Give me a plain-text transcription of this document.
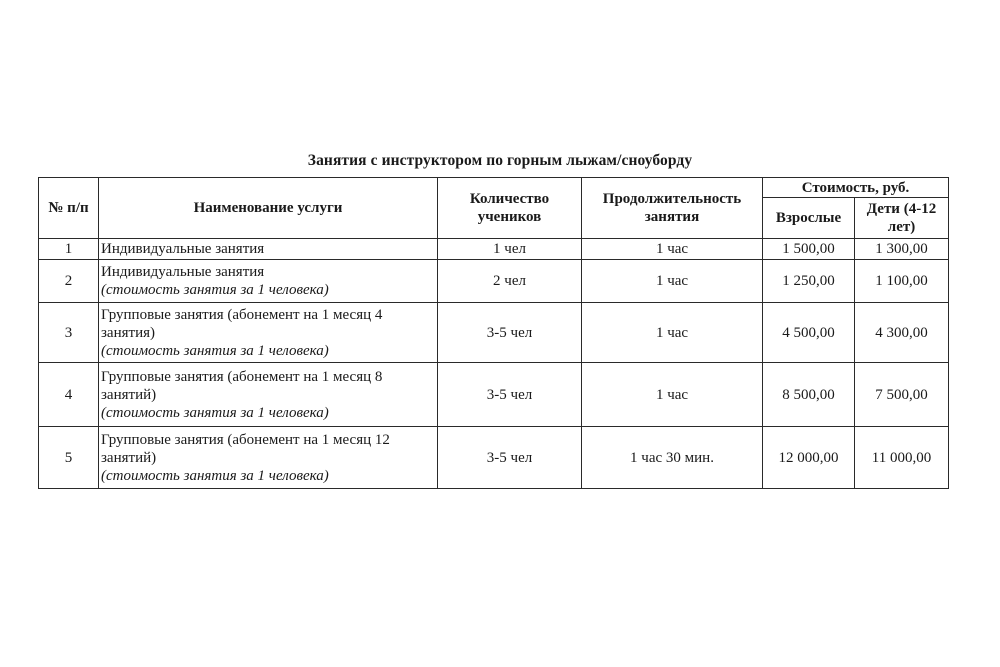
Занятия с инструктором по горным лыжам/сноуборду
№ п/п	Наименование услуги	Количество учеников	Продолжительность занятия	Стоимость, руб.	
				Взрослые	Дети (4-12 лет)
1	Индивидуальные занятия	1 чел	1 час	1 500,00	1 300,00
2	Индивидуальные занятия
(стоимость занятия за 1 человека)	2 чел	1 час	1 250,00	1 100,00
3	Групповые занятия (абонемент на 1 месяц 4 занятия)
(стоимость занятия за 1 человека)	3-5 чел	1 час	4 500,00	4 300,00
4	Групповые занятия (абонемент на 1 месяц 8 занятий)
(стоимость занятия за 1 человека)	3-5 чел	1 час	8 500,00	7 500,00
5	Групповые занятия (абонемент на 1 месяц 12 занятий)
(стоимость занятия за 1 человека)	3-5 чел	1 час 30 мин.	12 000,00	11 000,00
